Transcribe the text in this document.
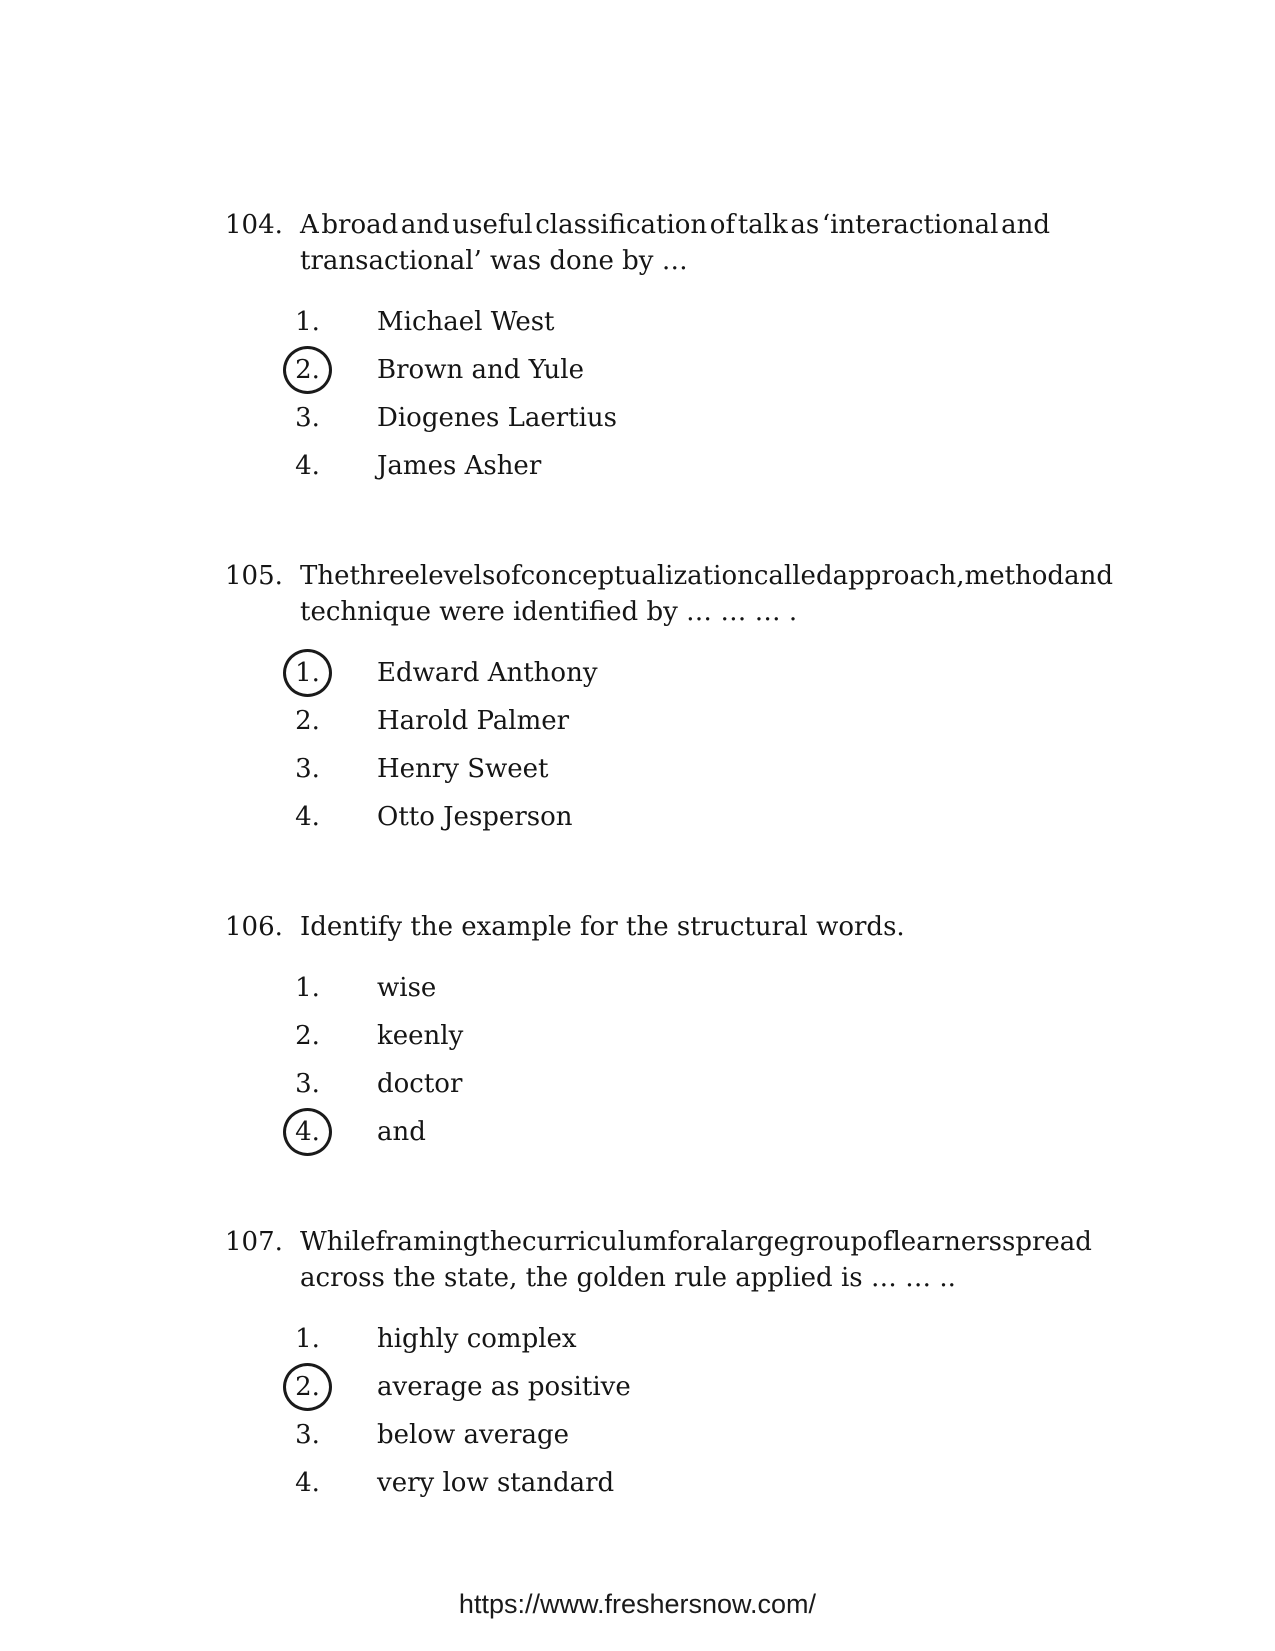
104. A broad and useful classification of talk as ‘interactional and
transactional’ was done by …
1.	Michael West
2.	Brown and Yule
3.	Diogenes Laertius
4.	James Asher
105. The three levels of conceptualization called approach, method and
technique were identified by … … … .
1.	Edward Anthony
2.	Harold Palmer
3.	Henry Sweet
4.	Otto Jesperson
106. Identify the example for the structural words.
1.	wise
2.	keenly
3.	doctor
4.	and
107. While framing the curriculum for a large group of learners spread
across the state, the golden rule applied is … … ..
1.	highly complex
2.	average as positive
3.	below average
4.	very low standard
https://www.freshersnow.com/
